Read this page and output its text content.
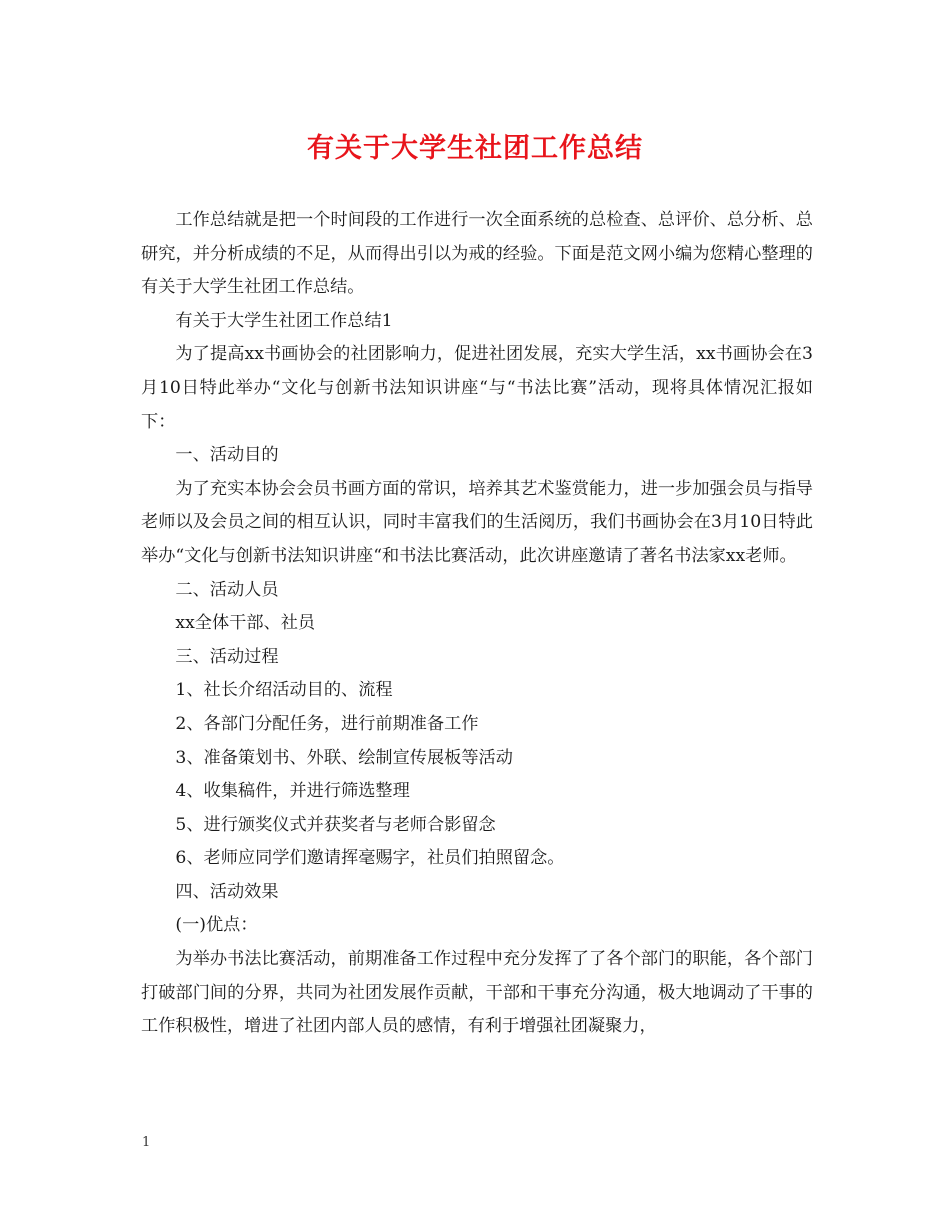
有关于大学生社团工作总结

工作总结就是把一个时间段的工作进行一次全面系统的总检查、总评价、总分析、总研究，并分析成绩的不足，从而得出引以为戒的经验。下面是范文网小编为您精心整理的有关于大学生社团工作总结。

有关于大学生社团工作总结1

为了提高xx书画协会的社团影响力，促进社团发展，充实大学生活，xx书画协会在3月10日特此举办“文化与创新书法知识讲座“与“书法比赛”活动，现将具体情况汇报如下：

一、活动目的

为了充实本协会会员书画方面的常识，培养其艺术鉴赏能力，进一步加强会员与指导老师以及会员之间的相互认识，同时丰富我们的生活阅历，我们书画协会在3月10日特此举办“文化与创新书法知识讲座“和书法比赛活动，此次讲座邀请了著名书法家xx老师。

二、活动人员

xx全体干部、社员

三、活动过程

1、社长介绍活动目的、流程

2、各部门分配任务，进行前期准备工作

3、准备策划书、外联、绘制宣传展板等活动

4、收集稿件，并进行筛选整理

5、进行颁奖仪式并获奖者与老师合影留念

6、老师应同学们邀请挥毫赐字，社员们拍照留念。

四、活动效果

(一)优点：

为举办书法比赛活动，前期准备工作过程中充分发挥了了各个部门的职能，各个部门打破部门间的分界，共同为社团发展作贡献，干部和干事充分沟通，极大地调动了干事的工作积极性，增进了社团内部人员的感情，有利于增强社团凝聚力，

1
